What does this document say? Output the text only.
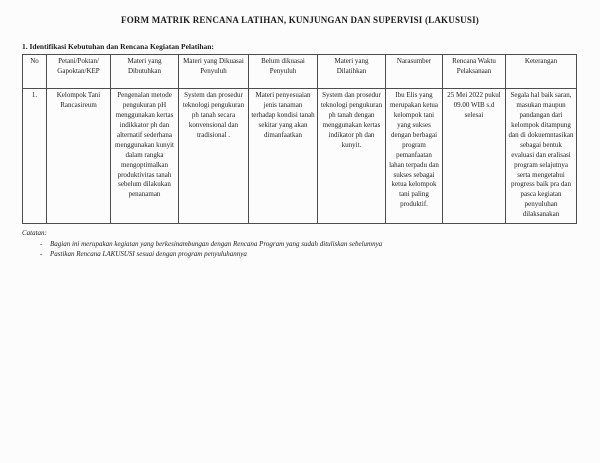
FORM MATRIK RENCANA LATIHAN, KUNJUNGAN DAN SUPERVISI (LAKUSUSI)
1. Identifikasi Kebutuhan dan Rencana Kegiatan Pelatihan:
No	Petani/Poktan/ Gapoktan/KEP	Materi yang Dibutuhkan	Materi yang Dikuasai Penyuluh	Belum dikuasai Penyuluh	Materi yang Dilatihkan	Narasumber	Rencana Waktu Pelaksanaan	Keterangan
1.	Kelompok Tani Rancasireum	Pengenalan metode pengukuran pH menggunakan kertas indikkator ph dan alternatif sederhana menggunakan kunyit dalam rangka mengoptimalkan produktivitas tanah sebelum dilakukan penanaman	System dan prosedur teknologi pengukuran ph tanah secara konvensional dan tradisional .	Materi penyesuaian jenis tanaman terhadap kondisi tanah sekitar yang akan dimanfaatkan	System dan prosedur teknologi pengukuran ph tanah dengan menggunakan kertas indikator ph dan kunyit.	Ibu Elis yang merupakan ketua kelompok tani yang sukses dengan berbagai program pemanfaatan lahan terpadu dan sukses sebagai ketua kelompok tani paling produktif.	25 Mei 2022 pukul 09.00 WIB s.d selesai	Segala hal baik saran, masukan maupun pandangan dari kelompok ditampung dan di dokuemntasikan sebagai bentuk evaluasi dan eralisasi program selajutnya serta mengetahui progress baik pra dan pasca kegiatan penyuluhan dilaksanakan
Catatan:
-	Bagian ini merupakan kegiatan yang berkesinambungan dengan Rencana Program yang sudah dituliskan sebelumnya
-	Pastikan Rencana LAKUSUSI sesuai dengan program penyuluhannya
